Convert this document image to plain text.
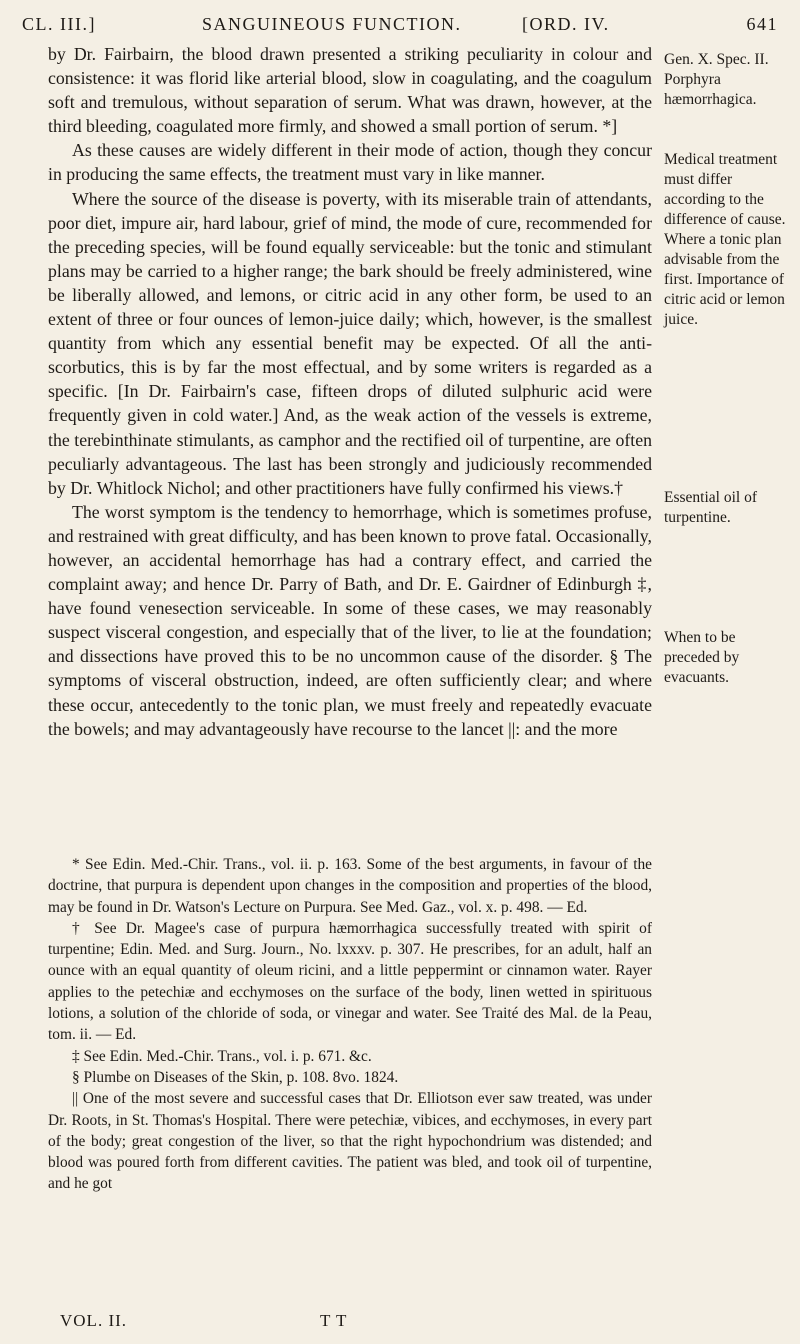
CL. III.]	SANGUINEOUS FUNCTION.	[ORD. IV.	641

by Dr. Fairbairn, the blood drawn presented a striking peculiarity in colour and consistence: it was florid like arterial blood, slow in coagulating, and the coagulum soft and tremulous, without separation of serum. What was drawn, however, at the third bleeding, coagulated more firmly, and showed a small portion of serum. *]

As these causes are widely different in their mode of action, though they concur in producing the same effects, the treatment must vary in like manner.

Where the source of the disease is poverty, with its miserable train of attendants, poor diet, impure air, hard labour, grief of mind, the mode of cure, recommended for the preceding species, will be found equally serviceable: but the tonic and stimulant plans may be carried to a higher range; the bark should be freely administered, wine be liberally allowed, and lemons, or citric acid in any other form, be used to an extent of three or four ounces of lemon-juice daily; which, however, is the smallest quantity from which any essential benefit may be expected. Of all the anti-scorbutics, this is by far the most effectual, and by some writers is regarded as a specific. [In Dr. Fairbairn's case, fifteen drops of diluted sulphuric acid were frequently given in cold water.] And, as the weak action of the vessels is extreme, the terebinthinate stimulants, as camphor and the rectified oil of turpentine, are often peculiarly advantageous. The last has been strongly and judiciously recommended by Dr. Whitlock Nichol; and other practitioners have fully confirmed his views.†

The worst symptom is the tendency to hemorrhage, which is sometimes profuse, and restrained with great difficulty, and has been known to prove fatal. Occasionally, however, an accidental hemorrhage has had a contrary effect, and carried the complaint away; and hence Dr. Parry of Bath, and Dr. E. Gairdner of Edinburgh ‡, have found venesection serviceable. In some of these cases, we may reasonably suspect visceral congestion, and especially that of the liver, to lie at the foundation; and dissections have proved this to be no uncommon cause of the disorder. § The symptoms of visceral obstruction, indeed, are often sufficiently clear; and where these occur, antecedently to the tonic plan, we must freely and repeatedly evacuate the bowels; and may advantageously have recourse to the lancet ||: and the more

* See Edin. Med.-Chir. Trans., vol. ii. p. 163. Some of the best arguments, in favour of the doctrine, that purpura is dependent upon changes in the composition and properties of the blood, may be found in Dr. Watson's Lecture on Purpura. See Med. Gaz., vol. x. p. 498. — Ed.

† See Dr. Magee's case of purpura hæmorrhagica successfully treated with spirit of turpentine; Edin. Med. and Surg. Journ., No. lxxxv. p. 307. He prescribes, for an adult, half an ounce with an equal quantity of oleum ricini, and a little peppermint or cinnamon water. Rayer applies to the petechiæ and ecchymoses on the surface of the body, linen wetted in spirituous lotions, a solution of the chloride of soda, or vinegar and water. See Traité des Mal. de la Peau, tom. ii. — Ed.

‡ See Edin. Med.-Chir. Trans., vol. i. p. 671. &c.

§ Plumbe on Diseases of the Skin, p. 108. 8vo. 1824.

|| One of the most severe and successful cases that Dr. Elliotson ever saw treated, was under Dr. Roots, in St. Thomas's Hospital. There were petechiæ, vibices, and ecchymoses, in every part of the body; great congestion of the liver, so that the right hypochondrium was distended; and blood was poured forth from different cavities. The patient was bled, and took oil of turpentine, and he got

VOL. II.	T T

Gen. X. Spec. II. Porphyra hæmorrhagica.

Medical treatment must differ according to the difference of cause. Where a tonic plan advisable from the first. Importance of citric acid or lemon juice.

Essential oil of turpentine.

When to be preceded by evacuants.
